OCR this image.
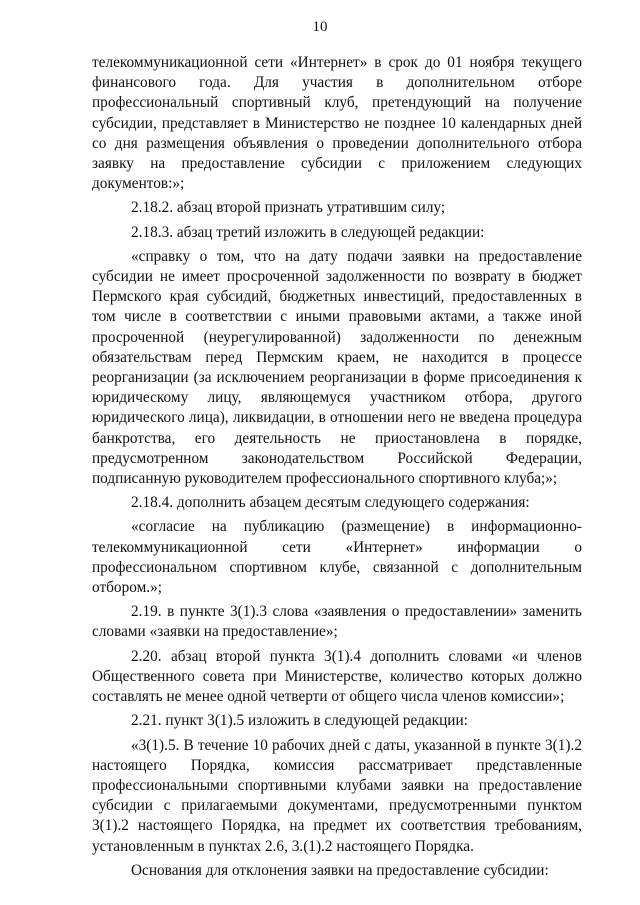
10

телекоммуникационной сети «Интернет» в срок до 01 ноября текущего финансового года. Для участия в дополнительном отборе профессиональный спортивный клуб, претендующий на получение субсидии, представляет в Министерство не позднее 10 календарных дней со дня размещения объявления о проведении дополнительного отбора заявку на предоставление субсидии с приложением следующих документов:»;

2.18.2. абзац второй признать утратившим силу;

2.18.3. абзац третий изложить в следующей редакции:

«справку о том, что на дату подачи заявки на предоставление субсидии не имеет просроченной задолженности по возврату в бюджет Пермского края субсидий, бюджетных инвестиций, предоставленных в том числе в соответствии с иными правовыми актами, а также иной просроченной (неурегулированной) задолженности по денежным обязательствам перед Пермским краем, не находится в процессе реорганизации (за исключением реорганизации в форме присоединения к юридическому лицу, являющемуся участником отбора, другого юридического лица), ликвидации, в отношении него не введена процедура банкротства, его деятельность не приостановлена в порядке, предусмотренном законодательством Российской Федерации, подписанную руководителем профессионального спортивного клуба;»;

2.18.4. дополнить абзацем десятым следующего содержания:

«согласие на публикацию (размещение) в информационно-телекоммуникационной сети «Интернет» информации о профессиональном спортивном клубе, связанной с дополнительным отбором.»;

2.19. в пункте 3(1).3 слова «заявления о предоставлении» заменить словами «заявки на предоставление»;

2.20. абзац второй пункта 3(1).4 дополнить словами «и членов Общественного совета при Министерстве, количество которых должно составлять не менее одной четверти от общего числа членов комиссии»;

2.21. пункт 3(1).5 изложить в следующей редакции:

«3(1).5. В течение 10 рабочих дней с даты, указанной в пункте 3(1).2 настоящего Порядка, комиссия рассматривает представленные профессиональными спортивными клубами заявки на предоставление субсидии с прилагаемыми документами, предусмотренными пунктом 3(1).2 настоящего Порядка, на предмет их соответствия требованиям, установленным в пунктах 2.6, 3.(1).2 настоящего Порядка.

Основания для отклонения заявки на предоставление субсидии:
